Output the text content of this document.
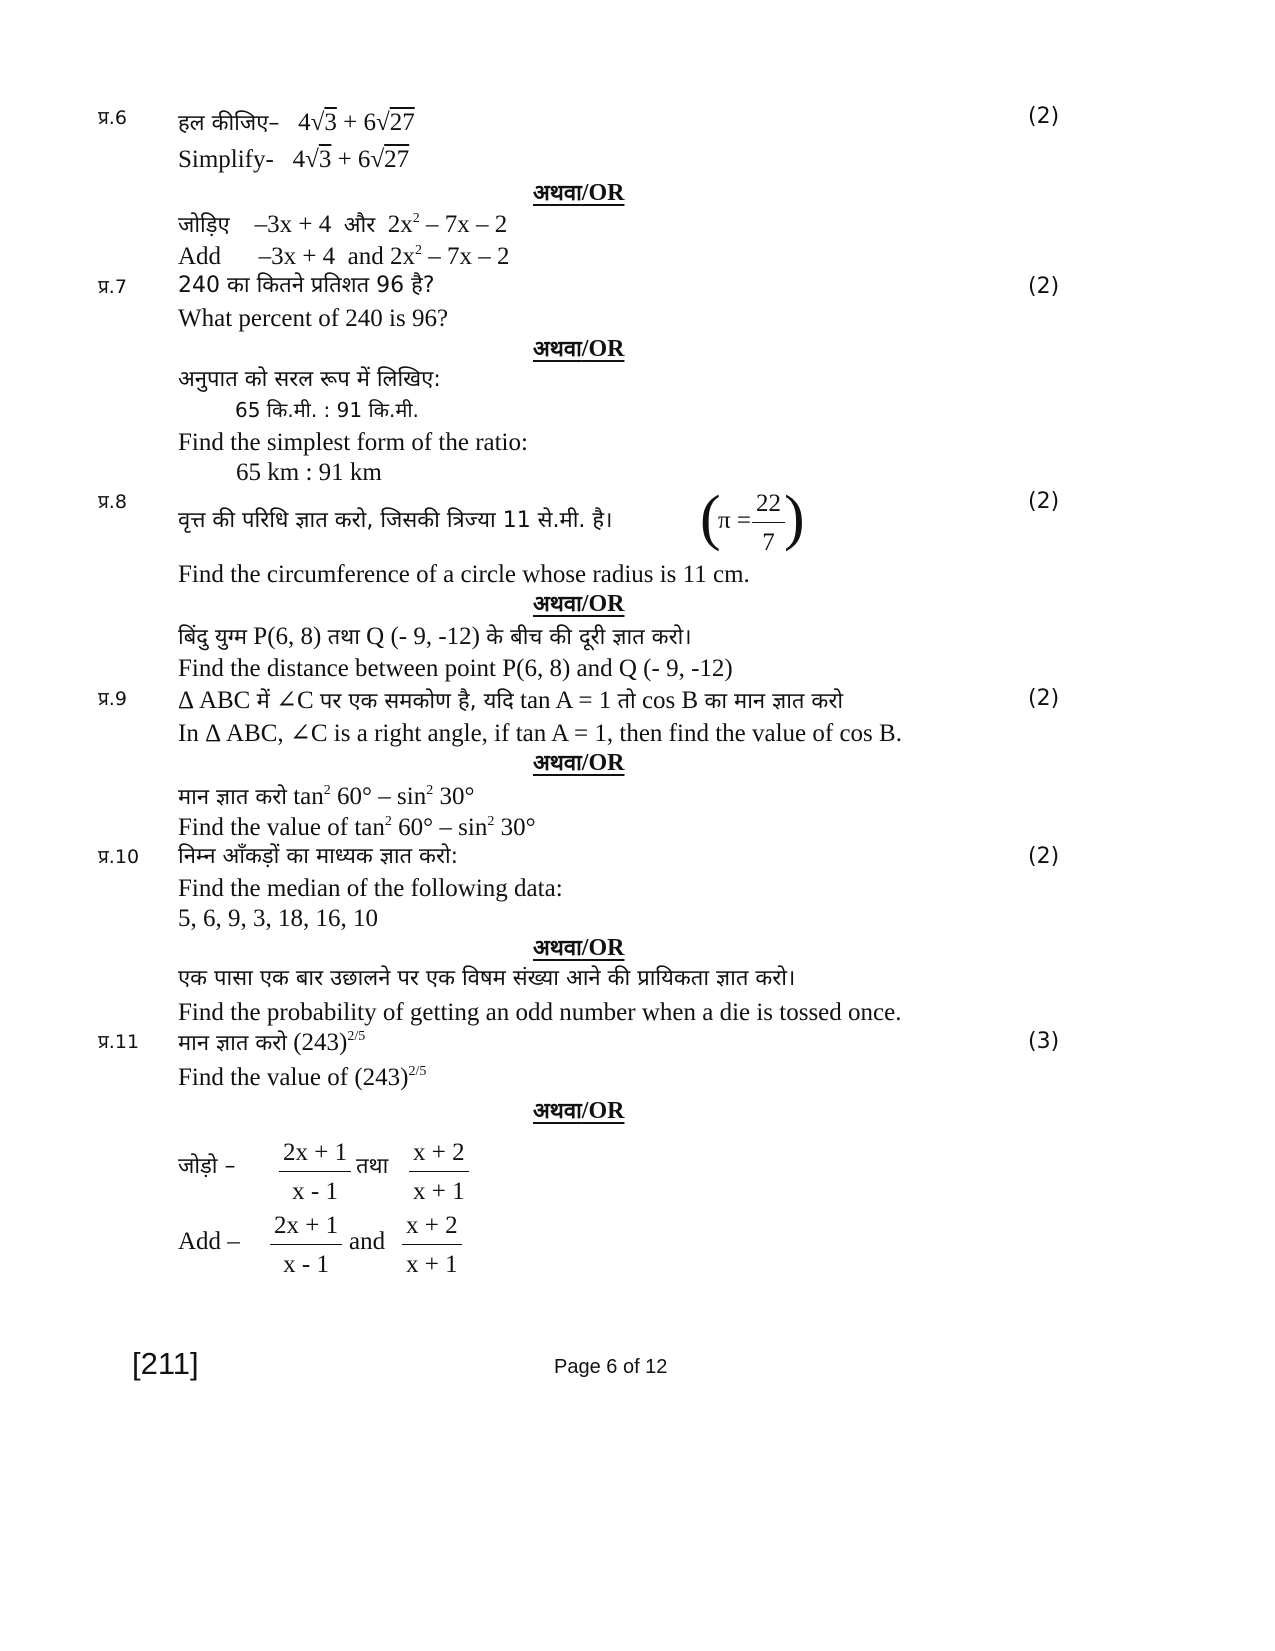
प्र.6	(2)
हल कीजिए– 4√3 + 6√27
Simplify- 4√3 + 6√27
अथवा/OR
जोड़िए –3x + 4 और $2x^2 - 7x - 2$
Add –3x + 4 and $2x^2 - 7x - 2$
प्र.7	(2)
240 का कितने प्रतिशत 96 है?
What percent of 240 is 96?
अथवा/OR
अनुपात को सरल रूप में लिखिए:
65 कि.मी. : 91 कि.मी.
Find the simplest form of the ratio:
65 km : 91 km
प्र.8	(2)
वृत्त की परिधि ज्ञात करो, जिसकी त्रिज्या 11 से.मी. है। (
$\pi = \frac{22}{7}$ )
Find the circumference of a circle whose radius is 11 cm.
अथवा/OR
बिंदु युग्म P(6, 8) तथा Q (- 9, -12) के बीच की दूरी ज्ञात करो।
Find the distance between point P(6, 8) and Q (- 9, -12)
प्र.9	(2)
Δ ABC में ∠C पर एक समकोण है, यदि tan A = 1 तो cos B का मान ज्ञात करो
In Δ ABC, ∠C is a right angle, if tan A = 1, then find the value of cos B.
अथवा/OR
मान ज्ञात करो $\tan^2 60^\circ - \sin^2 30^\circ$
Find the value of $\tan^2 60^\circ - \sin^2 30^\circ$
प्र.10	(2)
निम्न आँकड़ों का माध्यक ज्ञात करो:
Find the median of the following data:
5, 6, 9, 3, 18, 16, 10
अथवा/OR
एक पासा एक बार उछालने पर एक विषम संख्या आने की प्रायिकता ज्ञात करो।
Find the probability of getting an odd number when a die is tossed once.
प्र.11	(3)
मान ज्ञात करो $(243)^{2/5}$
Find the value of $(243)^{2/5}$
अथवा/OR
जोड़ो – $\frac{2x + 1}{x - 1}$ तथा $\frac{x + 2}{x + 1}$
Add – $\frac{2x + 1}{x - 1}$ and $\frac{x + 2}{x + 1}$
[211]	Page 6 of 12
